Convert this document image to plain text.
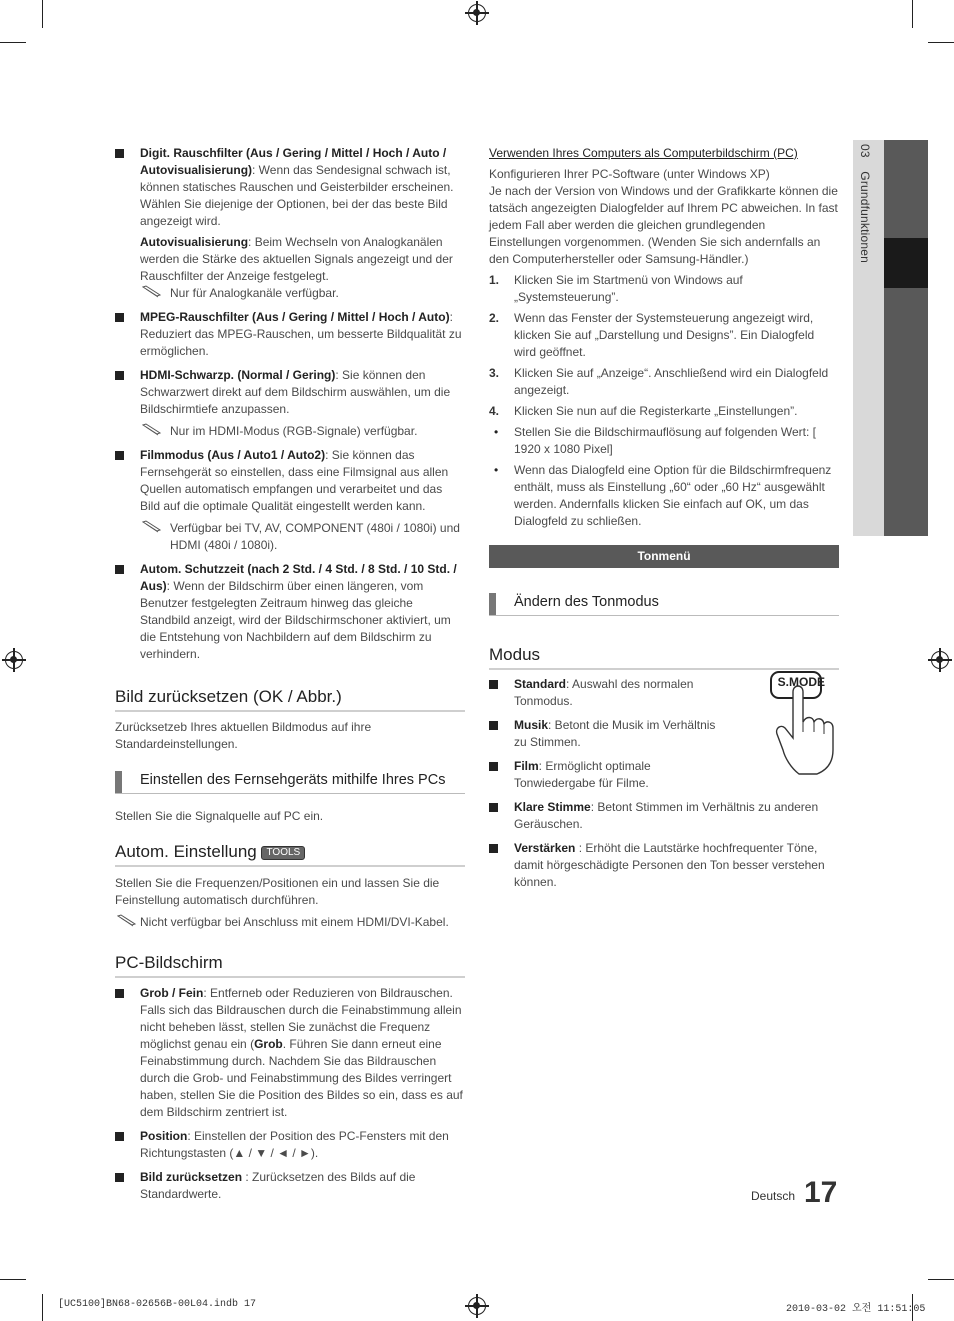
03 Grundfunktionen
Digit. Rauschfilter (Aus / Gering / Mittel / Hoch / Auto / Autovisualisierung): Wenn das Sendesignal schwach ist, können statisches Rauschen und Geisterbilder erscheinen. Wählen Sie diejenige der Optionen, bei der das beste Bild angezeigt wird.
Autovisualisierung: Beim Wechseln von Analogkanälen werden die Stärke des aktuellen Signals angezeigt und der Rauschfilter der Anzeige festgelegt.
Nur für Analogkanäle verfügbar.
MPEG-Rauschfilter (Aus / Gering / Mittel / Hoch / Auto): Reduziert das MPEG-Rauschen, um besserte Bildqualität zu ermöglichen.
HDMI-Schwarzp. (Normal / Gering): Sie können den Schwarzwert direkt auf dem Bildschirm auswählen, um die Bildschirmtiefe anzupassen.
Nur im HDMI-Modus (RGB-Signale) verfügbar.
Filmmodus (Aus / Auto1 / Auto2): Sie können das Fernsehgerät so einstellen, dass eine Filmsignal aus allen Quellen automatisch empfangen und verarbeitet und das Bild auf die optimale Qualität eingestellt werden kann.
Verfügbar bei TV, AV, COMPONENT (480i / 1080i) und HDMI (480i / 1080i).
Autom. Schutzzeit (nach 2 Std. / 4 Std. / 8 Std. / 10 Std. / Aus): Wenn der Bildschirm über einen längeren, vom Benutzer festgelegten Zeitraum hinweg das gleiche Standbild anzeigt, wird der Bildschirmschoner aktiviert, um die Entstehung von Nachbildern auf dem Bildschirm zu verhindern.
Bild zurücksetzen (OK / Abbr.)
Zurücksetzeb Ihres aktuellen Bildmodus auf ihre Standardeinstellungen.
Einstellen des Fernsehgeräts mithilfe Ihres PCs
Stellen Sie die Signalquelle auf PC ein.
Autom. Einstellung TOOLS
Stellen Sie die Frequenzen/Positionen ein und lassen Sie die Feinstellung automatisch durchführen.
Nicht verfügbar bei Anschluss mit einem HDMI/DVI-Kabel.
PC-Bildschirm
Grob / Fein: Entferneb oder Reduzieren von Bildrauschen. Falls sich das Bildrauschen durch die Feinabstimmung allein nicht beheben lässt, stellen Sie zunächst die Frequenz möglichst genau ein (Grob. Führen Sie dann erneut eine Feinabstimmung durch. Nachdem Sie das Bildrauschen durch die Grob- und Feinabstimmung des Bildes verringert haben, stellen Sie die Position des Bildes so ein, dass es auf dem Bildschirm zentriert ist.
Position: Einstellen der Position des PC-Fensters mit den Richtungstasten (▲ / ▼ / ◄ / ►).
Bild zurücksetzen : Zurücksetzen des Bilds auf die Standardwerte.
Verwenden Ihres Computers als Computerbildschirm (PC)
Konfigurieren Ihrer PC-Software (unter Windows XP)
Je nach der Version von Windows und der Grafikkarte können die tatsäch angezeigten Dialogfelder auf Ihrem PC abweichen. In fast jedem Fall aber werden die gleichen grundlegenden Einstellungen vorgenommen. (Wenden Sie sich andernfalls an den Computerhersteller oder Samsung-Händler.)
1. Klicken Sie im Startmenü von Windows auf „Systemsteuerung”.
2. Wenn das Fenster der Systemsteuerung angezeigt wird, klicken Sie auf „Darstellung und Designs”. Ein Dialogfeld wird geöffnet.
3. Klicken Sie auf „Anzeige“. Anschließend wird ein Dialogfeld angezeigt.
4. Klicken Sie nun auf die Registerkarte „Einstellungen”.
• Stellen Sie die Bildschirmauflösung auf folgenden Wert: [ 1920 x 1080 Pixel]
• Wenn das Dialogfeld eine Option für die Bildschirmfrequenz enthält, muss als Einstellung „60“ oder „60 Hz“ ausgewählt werden. Andernfalls klicken Sie einfach auf OK, um das Dialogfeld zu schließen.
Tonmenü
Ändern des Tonmodus
Modus
S.MODE
Standard: Auswahl des normalen Tonmodus.
Musik: Betont die Musik im Verhältnis zu Stimmen.
Film: Ermöglicht optimale Tonwiedergabe für Filme.
Klare Stimme: Betont Stimmen im Verhältnis zu anderen Geräuschen.
Verstärken : Erhöht die Lautstärke hochfrequenter Töne, damit hörgeschädigte Personen den Ton besser verstehen können.
Deutsch 17
[UC5100]BN68-02656B-00L04.indb 17	2010-03-02 오전 11:51:05
